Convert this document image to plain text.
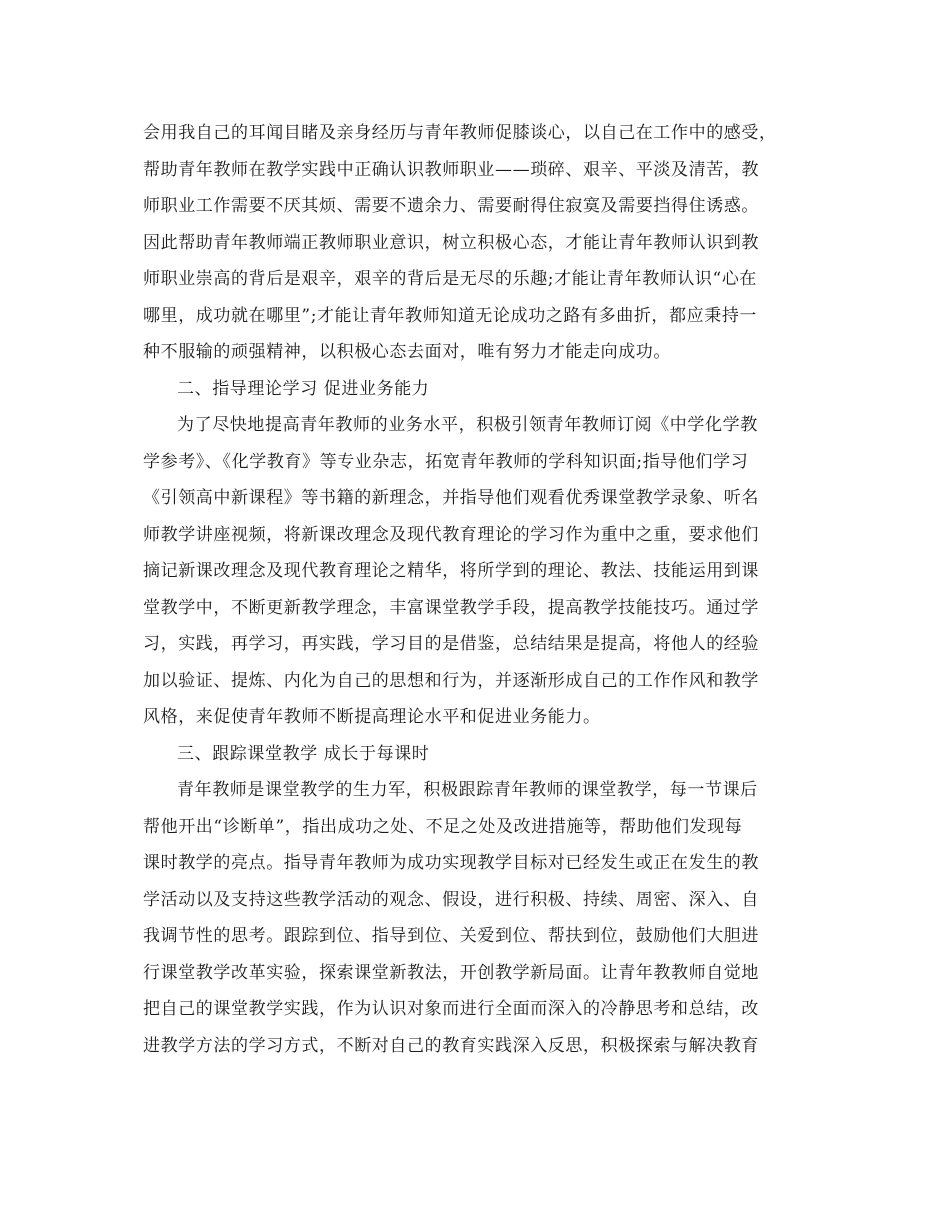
会用我自己的耳闻目睹及亲身经历与青年教师促膝谈心，以自己在工作中的感受，
帮助青年教师在教学实践中正确认识教师职业——琐碎、艰辛、平淡及清苦，教
师职业工作需要不厌其烦、需要不遗余力、需要耐得住寂寞及需要挡得住诱惑。
因此帮助青年教师端正教师职业意识，树立积极心态，才能让青年教师认识到教
师职业崇高的背后是艰辛，艰辛的背后是无尽的乐趣;才能让青年教师认识“心在
哪里，成功就在哪里”;才能让青年教师知道无论成功之路有多曲折，都应秉持一
种不服输的顽强精神，以积极心态去面对，唯有努力才能走向成功。
二、指导理论学习 促进业务能力
为了尽快地提高青年教师的业务水平，积极引领青年教师订阅《中学化学教
学参考》、《化学教育》等专业杂志，拓宽青年教师的学科知识面;指导他们学习
《引领高中新课程》等书籍的新理念，并指导他们观看优秀课堂教学录象、听名
师教学讲座视频，将新课改理念及现代教育理论的学习作为重中之重，要求他们
摘记新课改理念及现代教育理论之精华，将所学到的理论、教法、技能运用到课
堂教学中，不断更新教学理念，丰富课堂教学手段，提高教学技能技巧。通过学
习，实践，再学习，再实践，学习目的是借鉴，总结结果是提高，将他人的经验
加以验证、提炼、内化为自己的思想和行为，并逐渐形成自己的工作作风和教学
风格，来促使青年教师不断提高理论水平和促进业务能力。
三、跟踪课堂教学 成长于每课时
青年教师是课堂教学的生力军，积极跟踪青年教师的课堂教学，每一节课后
帮他开出“诊断单”，指出成功之处、不足之处及改进措施等，帮助他们发现每
课时教学的亮点。指导青年教师为成功实现教学目标对已经发生或正在发生的教
学活动以及支持这些教学活动的观念、假设，进行积极、持续、周密、深入、自
我调节性的思考。跟踪到位、指导到位、关爱到位、帮扶到位，鼓励他们大胆进
行课堂教学改革实验，探索课堂新教法，开创教学新局面。让青年教教师自觉地
把自己的课堂教学实践，作为认识对象而进行全面而深入的冷静思考和总结，改
进教学方法的学习方式，不断对自己的教育实践深入反思，积极探索与解决教育
